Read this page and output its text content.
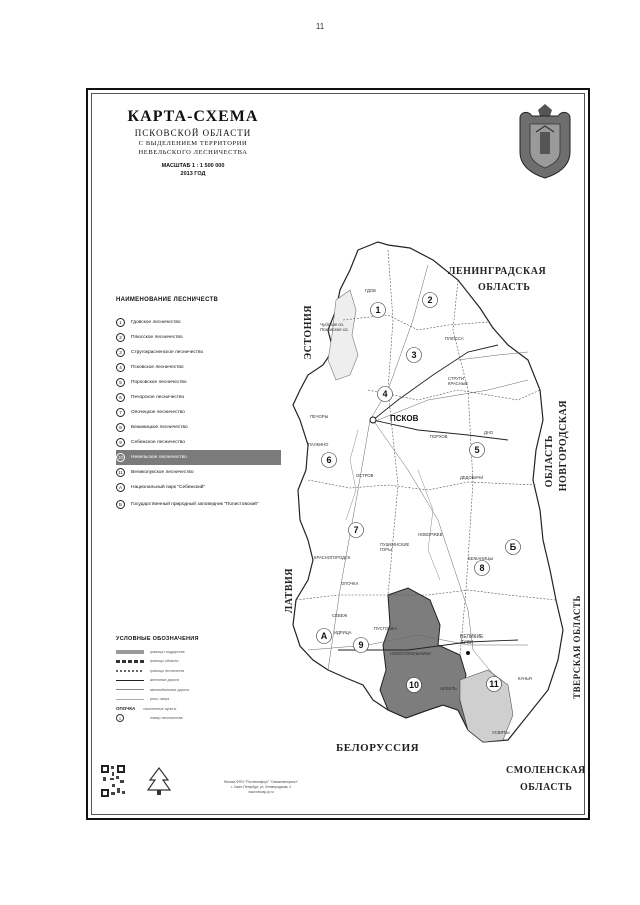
11
1
2
3
4
5
6
7
8
9
10	11
А
Б
КАРТА-СХЕМА
ПСКОВСКОЙ ОБЛАСТИ
С ВЫДЕЛЕНИЕМ ТЕРРИТОРИИ
НЕВЕЛЬСКОГО ЛЕСНИЧЕСТВА
МАСШТАБ 1 : 1 500 000
2013 ГОД
ЛЕНИНГРАДСКАЯ
ОБЛАСТЬ
НОВГОРОДСКАЯ
ОБЛАСТЬ
ТВЕРСКАЯ ОБЛАСТЬ
СМОЛЕНСКАЯ
ОБЛАСТЬ
ЭСТОНИЯ
ЛАТВИЯ
БЕЛОРУССИЯ
ПСКОВ
Чудское оз. Псковское оз.
ГДОВ
ПЛЮССА
СТРУГИ КРАСНЫЕ
ПЕЧОРЫ
ПАЛКИНО
ПОРХОВ
ДНО
ДЕДОВИЧИ
ОСТРОВ
НОВОРЖЕВ
КРАСНОГОРОДСК
ПУШКИНСКИЕ ГОРЫ
ОПОЧКА
БЕЖАНИЦЫ
СЕБЕЖ
ПУСТОШКА
НОВОСОКОЛЬНИКИ
ВЕЛИКИЕ ЛУКИ
НЕВЕЛЬ
КУНЬЯ
УСВЯТЫ
ИДРИЦА
НАИМЕНОВАНИЕ ЛЕСНИЧЕСТВ
1	Гдовское лесничество
2	Плюсское лесничество
3	Стругокрасненское лесничество
4	Псковское лесничество
5	Порховское лесничество
6	Печорское лесничество
7	Опочецкое лесничество
8	Бежаницкое лесничество
9	Себежское лесничество
10	Невельское лесничество
11	Великолукское лесничество
А	Национальный парк "Себежский"
Б	Государственный природный заповедник "Полистовский"
УСЛОВНЫЕ ОБОЗНАЧЕНИЯ
граница государства
границы области
границы лесничеств
железные дороги
автомобильные дороги
реки, озера
ОПОЧКА населенные пункты
1	номер лесничества
Филиал ФГБУ "Рослесинфорг" "Севзаплеспроект"
г. Санкт-Петербург, ул. Ленинградская, 4
www.sevzap-lp.ru
